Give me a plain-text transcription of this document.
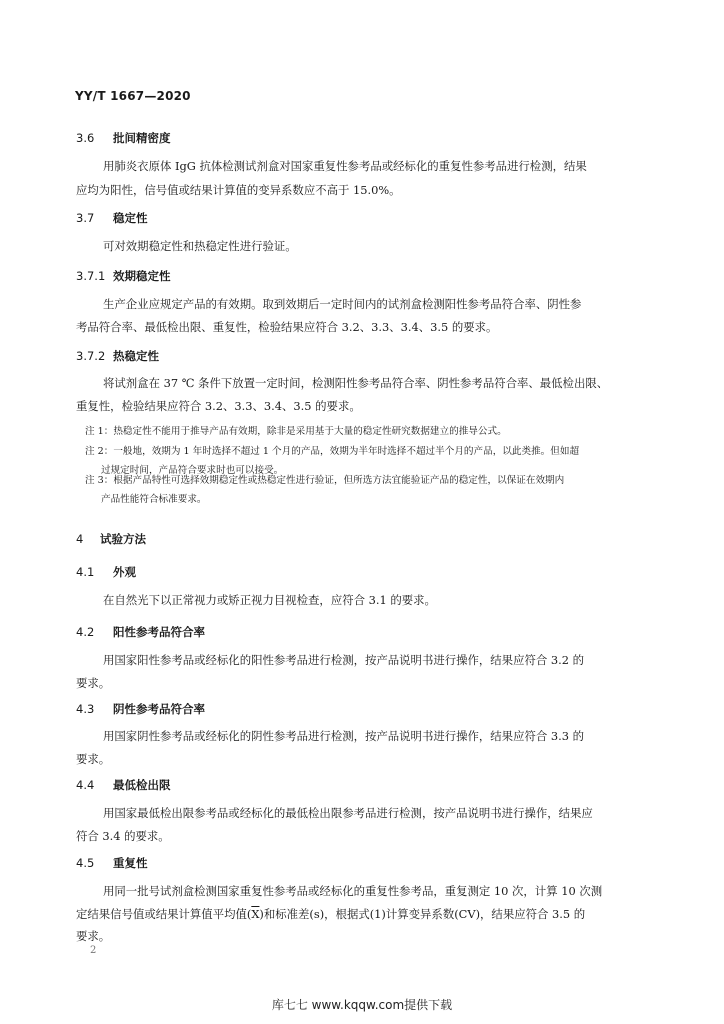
YY/T 1667—2020
3.6 批间精密度
用肺炎衣原体 IgG 抗体检测试剂盒对国家重复性参考品或经标化的重复性参考品进行检测，结果
应均为阳性，信号值或结果计算值的变异系数应不高于 15.0%。
3.7 稳定性
可对效期稳定性和热稳定性进行验证。
3.7.1 效期稳定性
生产企业应规定产品的有效期。取到效期后一定时间内的试剂盒检测阳性参考品符合率、阴性参
考品符合率、最低检出限、重复性，检验结果应符合 3.2、3.3、3.4、3.5 的要求。
3.7.2 热稳定性
将试剂盒在 37 ℃ 条件下放置一定时间，检测阳性参考品符合率、阴性参考品符合率、最低检出限、
重复性，检验结果应符合 3.2、3.3、3.4、3.5 的要求。
注 1：热稳定性不能用于推导产品有效期，除非是采用基于大量的稳定性研究数据建立的推导公式。
注 2：一般地，效期为 1 年时选择不超过 1 个月的产品，效期为半年时选择不超过半个月的产品，以此类推。但如超
过规定时间，产品符合要求时也可以接受。
注 3：根据产品特性可选择效期稳定性或热稳定性进行验证，但所选方法宜能验证产品的稳定性，以保证在效期内
产品性能符合标准要求。
4 试验方法
4.1 外观
在自然光下以正常视力或矫正视力目视检查，应符合 3.1 的要求。
4.2 阳性参考品符合率
用国家阳性参考品或经标化的阳性参考品进行检测，按产品说明书进行操作，结果应符合 3.2 的
要求。
4.3 阴性参考品符合率
用国家阴性参考品或经标化的阴性参考品进行检测，按产品说明书进行操作，结果应符合 3.3 的
要求。
4.4 最低检出限
用国家最低检出限参考品或经标化的最低检出限参考品进行检测，按产品说明书进行操作，结果应
符合 3.4 的要求。
4.5 重复性
用同一批号试剂盒检测国家重复性参考品或经标化的重复性参考品，重复测定 10 次，计算 10 次测
定结果信号值或结果计算值平均值$(\overline{X})$和标准差(s)，根据式(1)计算变异系数(CV)，结果应符合 3.5 的
要求。
2
库七七 www.kqqw.com提供下载
